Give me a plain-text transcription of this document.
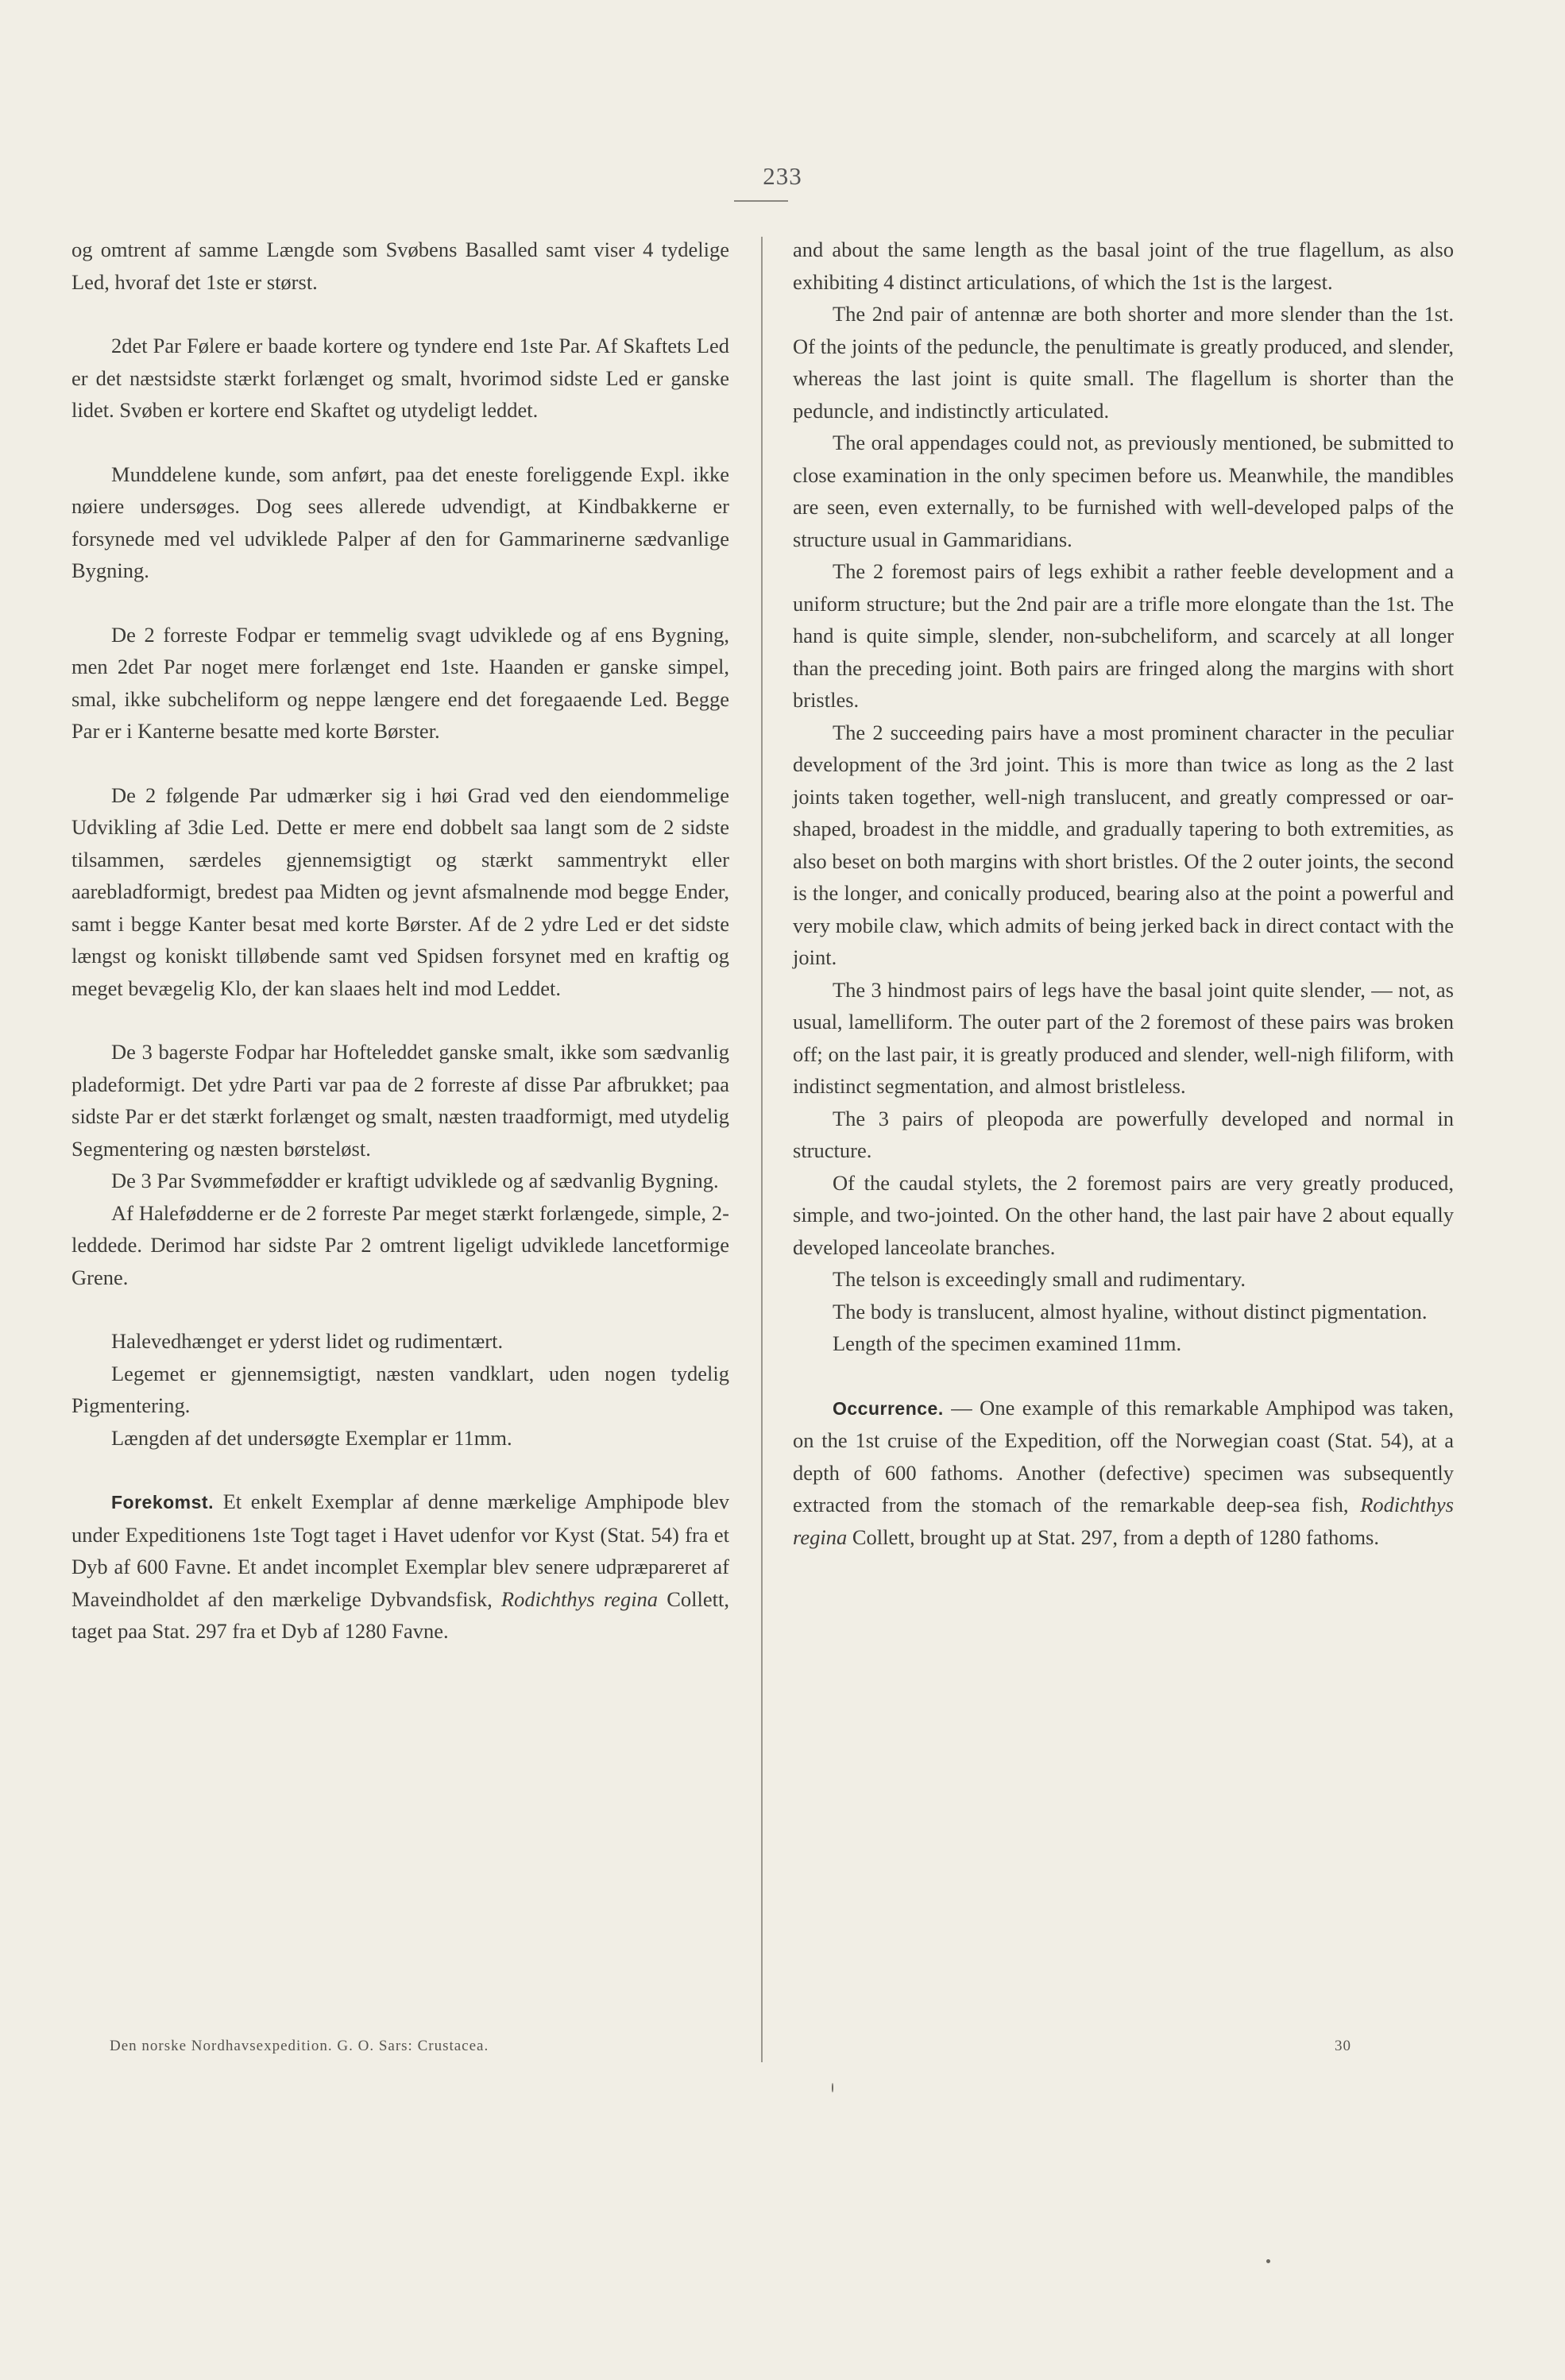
233

og omtrent af samme Længde som Svøbens Basalled samt viser 4 tydelige Led, hvoraf det 1ste er størst.

2det Par Følere er baade kortere og tyndere end 1ste Par. Af Skaftets Led er det næstsidste stærkt forlænget og smalt, hvorimod sidste Led er ganske lidet. Svøben er kortere end Skaftet og utydeligt leddet.

Munddelene kunde, som anført, paa det eneste foreliggende Expl. ikke nøiere undersøges. Dog sees allerede udvendigt, at Kindbakkerne er forsynede med vel udviklede Palper af den for Gammarinerne sædvanlige Bygning.

De 2 forreste Fodpar er temmelig svagt udviklede og af ens Bygning, men 2det Par noget mere forlænget end 1ste. Haanden er ganske simpel, smal, ikke subcheliform og neppe længere end det foregaaende Led. Begge Par er i Kanterne besatte med korte Børster.

De 2 følgende Par udmærker sig i høi Grad ved den eiendommelige Udvikling af 3die Led. Dette er mere end dobbelt saa langt som de 2 sidste tilsammen, særdeles gjennemsigtigt og stærkt sammentrykt eller aarebladformigt, bredest paa Midten og jevnt afsmalnende mod begge Ender, samt i begge Kanter besat med korte Børster. Af de 2 ydre Led er det sidste længst og koniskt tilløbende samt ved Spidsen forsynet med en kraftig og meget bevægelig Klo, der kan slaaes helt ind mod Leddet.

De 3 bagerste Fodpar har Hofteleddet ganske smalt, ikke som sædvanlig pladeformigt. Det ydre Parti var paa de 2 forreste af disse Par afbrukket; paa sidste Par er det stærkt forlænget og smalt, næsten traadformigt, med utydelig Segmentering og næsten børsteløst.

De 3 Par Svømmefødder er kraftigt udviklede og af sædvanlig Bygning.

Af Halefødderne er de 2 forreste Par meget stærkt forlængede, simple, 2-leddede. Derimod har sidste Par 2 omtrent ligeligt udviklede lancetformige Grene.

Halevedhænget er yderst lidet og rudimentært.

Legemet er gjennemsigtigt, næsten vandklart, uden nogen tydelig Pigmentering.

Længden af det undersøgte Exemplar er 11mm.

Forekomst. Et enkelt Exemplar af denne mærkelige Amphipode blev under Expeditionens 1ste Togt taget i Havet udenfor vor Kyst (Stat. 54) fra et Dyb af 600 Favne. Et andet incomplet Exemplar blev senere udpræpareret af Maveindholdet af den mærkelige Dybvandsfisk, Rodichthys regina Collett, taget paa Stat. 297 fra et Dyb af 1280 Favne.

and about the same length as the basal joint of the true flagellum, as also exhibiting 4 distinct articulations, of which the 1st is the largest.

The 2nd pair of antennæ are both shorter and more slender than the 1st. Of the joints of the peduncle, the penultimate is greatly produced, and slender, whereas the last joint is quite small. The flagellum is shorter than the peduncle, and indistinctly articulated.

The oral appendages could not, as previously mentioned, be submitted to close examination in the only specimen before us. Meanwhile, the mandibles are seen, even externally, to be furnished with well-developed palps of the structure usual in Gammaridians.

The 2 foremost pairs of legs exhibit a rather feeble development and a uniform structure; but the 2nd pair are a trifle more elongate than the 1st. The hand is quite simple, slender, non-subcheliform, and scarcely at all longer than the preceding joint. Both pairs are fringed along the margins with short bristles.

The 2 succeeding pairs have a most prominent character in the peculiar development of the 3rd joint. This is more than twice as long as the 2 last joints taken together, well-nigh translucent, and greatly compressed or oar-shaped, broadest in the middle, and gradually tapering to both extremities, as also beset on both margins with short bristles. Of the 2 outer joints, the second is the longer, and conically produced, bearing also at the point a powerful and very mobile claw, which admits of being jerked back in direct contact with the joint.

The 3 hindmost pairs of legs have the basal joint quite slender, — not, as usual, lamelliform. The outer part of the 2 foremost of these pairs was broken off; on the last pair, it is greatly produced and slender, well-nigh filiform, with indistinct segmentation, and almost bristleless.

The 3 pairs of pleopoda are powerfully developed and normal in structure.

Of the caudal stylets, the 2 foremost pairs are very greatly produced, simple, and two-jointed. On the other hand, the last pair have 2 about equally developed lanceolate branches.

The telson is exceedingly small and rudimentary.

The body is translucent, almost hyaline, without distinct pigmentation.

Length of the specimen examined 11mm.

Occurrence. — One example of this remarkable Amphipod was taken, on the 1st cruise of the Expedition, off the Norwegian coast (Stat. 54), at a depth of 600 fathoms. Another (defective) specimen was subsequently extracted from the stomach of the remarkable deep-sea fish, Rodichthys regina Collett, brought up at Stat. 297, from a depth of 1280 fathoms.

Den norske Nordhavsexpedition. G. O. Sars: Crustacea.	30
